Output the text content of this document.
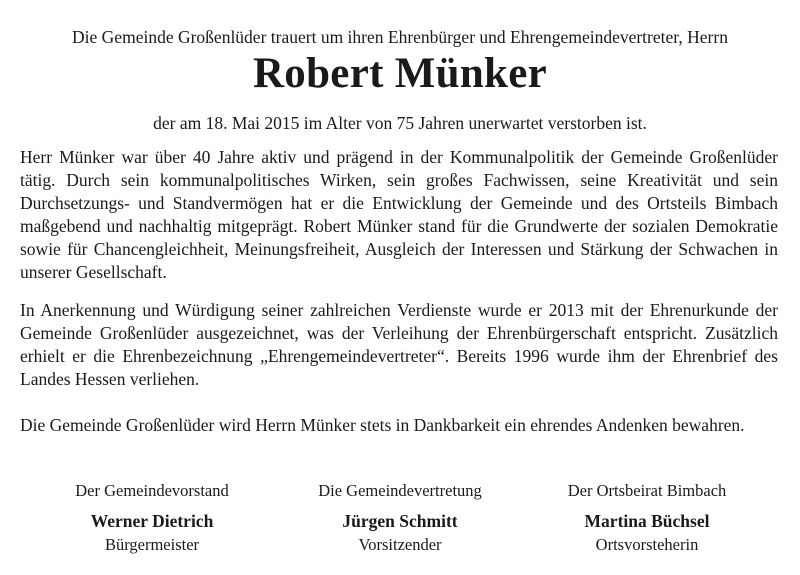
Die Gemeinde Großenlüder trauert um ihren Ehrenbürger und Ehrengemeindevertreter, Herrn
Robert Münker
der am 18. Mai 2015 im Alter von 75 Jahren unerwartet verstorben ist.
Herr Münker war über 40 Jahre aktiv und prägend in der Kommunalpolitik der Gemeinde Großenlüder tätig. Durch sein kommunalpolitisches Wirken, sein großes Fachwissen, seine Kreativität und sein Durchsetzungs- und Standvermögen hat er die Entwicklung der Gemeinde und des Ortsteils Bimbach maßgebend und nachhaltig mitgeprägt. Robert Münker stand für die Grundwerte der sozialen Demokratie sowie für Chancengleichheit, Meinungsfreiheit, Ausgleich der Interessen und Stärkung der Schwachen in unserer Gesellschaft.
In Anerkennung und Würdigung seiner zahlreichen Verdienste wurde er 2013 mit der Ehrenurkunde der Gemeinde Großenlüder ausgezeichnet, was der Verleihung der Ehrenbürgerschaft entspricht. Zusätzlich erhielt er die Ehrenbezeichnung „Ehrengemeindevertreter“. Bereits 1996 wurde ihm der Ehrenbrief des Landes Hessen verliehen.
Die Gemeinde Großenlüder wird Herrn Münker stets in Dankbarkeit ein ehrendes Andenken bewahren.
Der Gemeindevorstand
Werner Dietrich
Bürgermeister
Die Gemeindevertretung
Jürgen Schmitt
Vorsitzender
Der Ortsbeirat Bimbach
Martina Büchsel
Ortsvorsteherin
